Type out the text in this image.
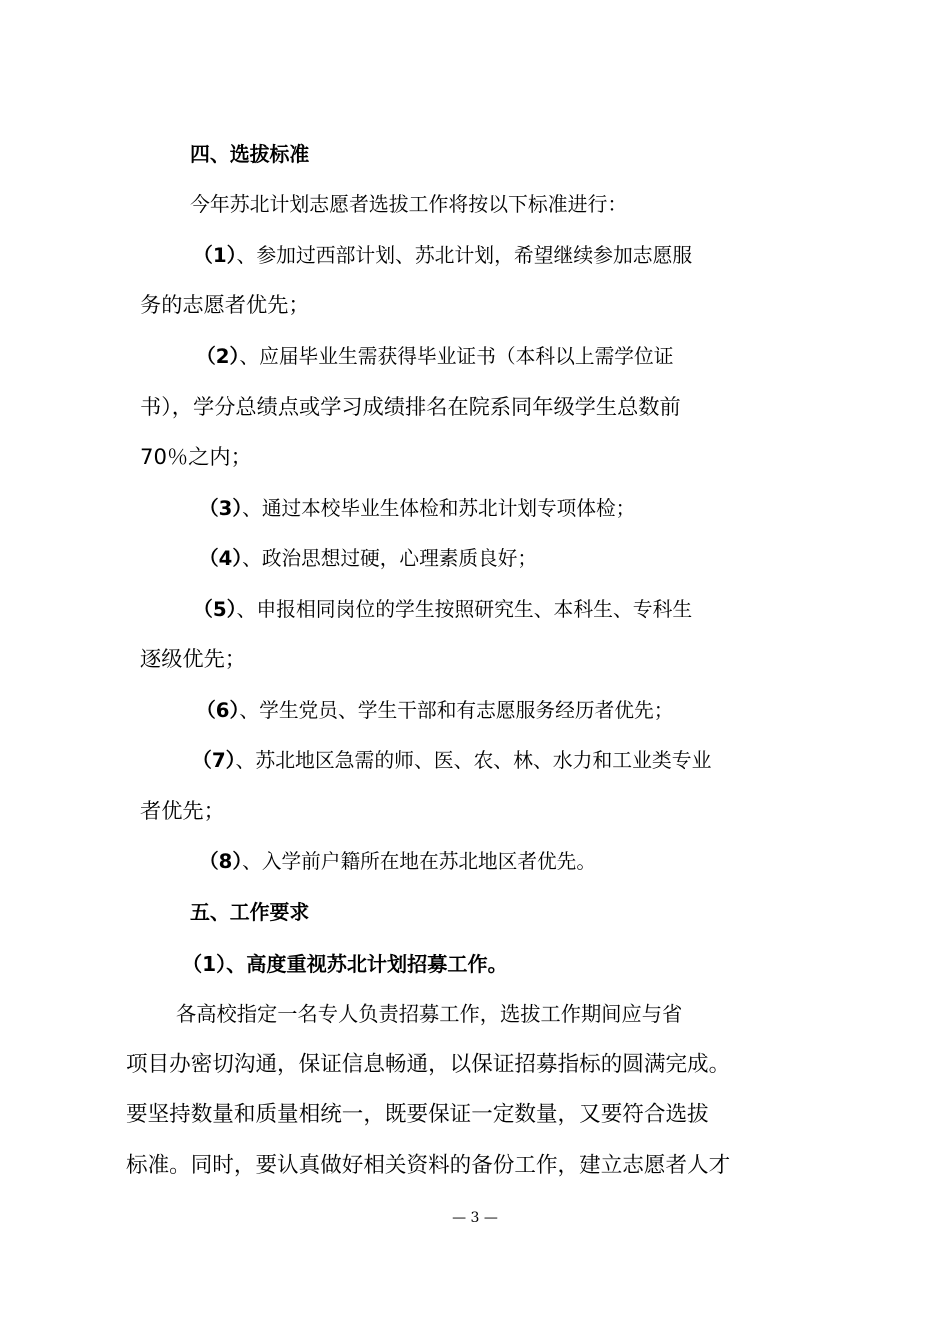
四、选拔标准

今年苏北计划志愿者选拔工作将按以下标准进行：

（1）、参加过西部计划、苏北计划，希望继续参加志愿服

务的志愿者优先；

（2）、应届毕业生需获得毕业证书（本科以上需学位证

书），学分总绩点或学习成绩排名在院系同年级学生总数前

70％之内；

（3）、通过本校毕业生体检和苏北计划专项体检；

（4）、政治思想过硬，心理素质良好；

（5）、申报相同岗位的学生按照研究生、本科生、专科生

逐级优先；

（6）、学生党员、学生干部和有志愿服务经历者优先；

（7）、苏北地区急需的师、医、农、林、水力和工业类专业

者优先；

（8）、入学前户籍所在地在苏北地区者优先。

五、工作要求

（1）、高度重视苏北计划招募工作。

各高校指定一名专人负责招募工作，选拔工作期间应与省

项目办密切沟通，保证信息畅通，以保证招募指标的圆满完成。

要坚持数量和质量相统一，既要保证一定数量，又要符合选拔

标准。同时，要认真做好相关资料的备份工作，建立志愿者人才

— 3 —
